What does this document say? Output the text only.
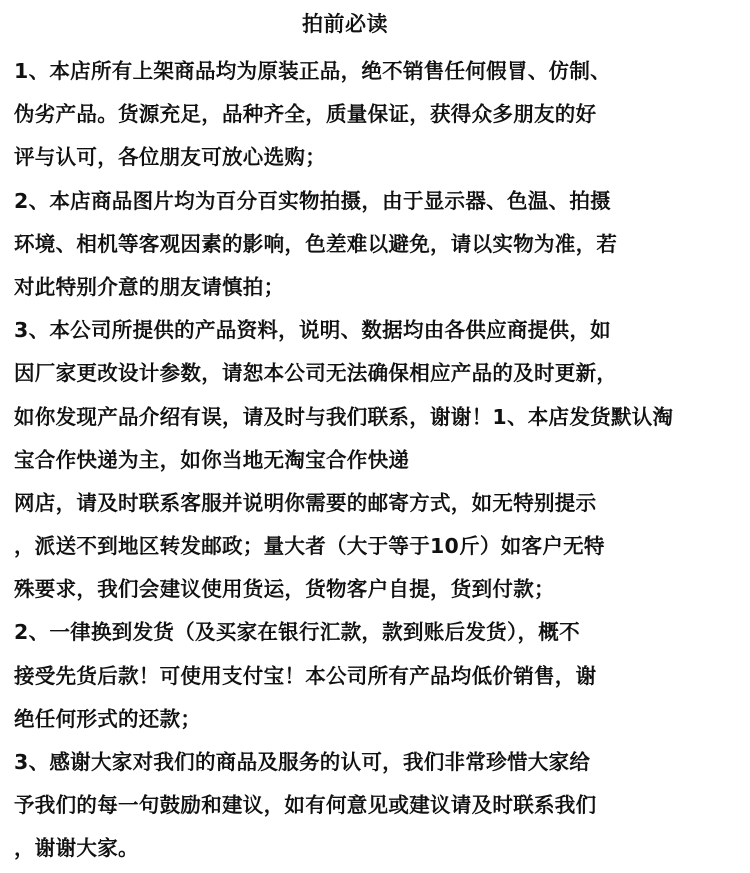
拍前必读
1、本店所有上架商品均为原装正品，绝不销售任何假冒、仿制、
伪劣产品。货源充足，品种齐全，质量保证，获得众多朋友的好
评与认可，各位朋友可放心选购；
2、本店商品图片均为百分百实物拍摄，由于显示器、色温、拍摄
环境、相机等客观因素的影响，色差难以避免，请以实物为准，若
对此特别介意的朋友请慎拍；
3、本公司所提供的产品资料，说明、数据均由各供应商提供，如
因厂家更改设计参数，请恕本公司无法确保相应产品的及时更新，
如你发现产品介绍有误，请及时与我们联系，谢谢！1、本店发货默认淘
宝合作快递为主，如你当地无淘宝合作快递
网店，请及时联系客服并说明你需要的邮寄方式，如无特别提示
，派送不到地区转发邮政；量大者（大于等于10斤）如客户无特
殊要求，我们会建议使用货运，货物客户自提，货到付款；
2、一律换到发货（及买家在银行汇款，款到账后发货），概不
接受先货后款！可使用支付宝！本公司所有产品均低价销售，谢
绝任何形式的还款；
3、感谢大家对我们的商品及服务的认可，我们非常珍惜大家给
予我们的每一句鼓励和建议，如有何意见或建议请及时联系我们
，谢谢大家。
